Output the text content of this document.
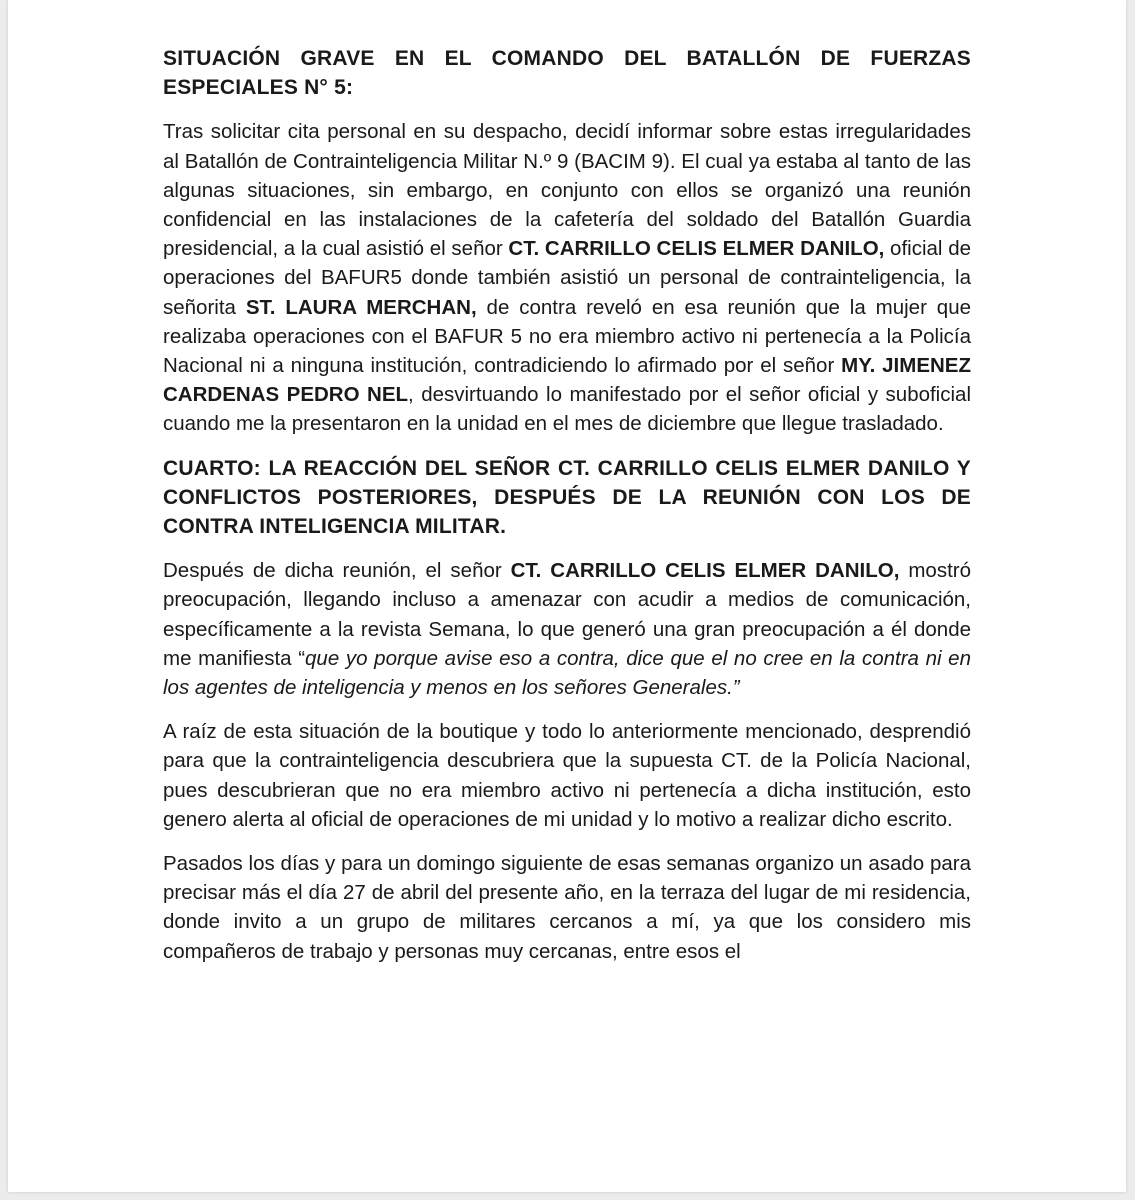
SITUACIÓN GRAVE EN EL COMANDO DEL BATALLÓN DE FUERZAS ESPECIALES N° 5:

Tras solicitar cita personal en su despacho, decidí informar sobre estas irregularidades al Batallón de Contrainteligencia Militar N.º 9 (BACIM 9). El cual ya estaba al tanto de las algunas situaciones, sin embargo, en conjunto con ellos se organizó una reunión confidencial en las instalaciones de la cafetería del soldado del Batallón Guardia presidencial, a la cual asistió el señor CT. CARRILLO CELIS ELMER DANILO, oficial de operaciones del BAFUR5 donde también asistió un personal de contrainteligencia, la señorita ST. LAURA MERCHAN, de contra reveló en esa reunión que la mujer que realizaba operaciones con el BAFUR 5 no era miembro activo ni pertenecía a la Policía Nacional ni a ninguna institución, contradiciendo lo afirmado por el señor MY. JIMENEZ CARDENAS PEDRO NEL, desvirtuando lo manifestado por el señor oficial y suboficial cuando me la presentaron en la unidad en el mes de diciembre que llegue trasladado.

CUARTO: LA REACCIÓN DEL SEÑOR CT. CARRILLO CELIS ELMER DANILO Y CONFLICTOS POSTERIORES, DESPUÉS DE LA REUNIÓN CON LOS DE CONTRA INTELIGENCIA MILITAR.

Después de dicha reunión, el señor CT. CARRILLO CELIS ELMER DANILO, mostró preocupación, llegando incluso a amenazar con acudir a medios de comunicación, específicamente a la revista Semana, lo que generó una gran preocupación a él donde me manifiesta “que yo porque avise eso a contra, dice que el no cree en la contra ni en los agentes de inteligencia y menos en los señores Generales.”

A raíz de esta situación de la boutique y todo lo anteriormente mencionado, desprendió para que la contrainteligencia descubriera que la supuesta CT. de la Policía Nacional, pues descubrieran que no era miembro activo ni pertenecía a dicha institución, esto genero alerta al oficial de operaciones de mi unidad y lo motivo a realizar dicho escrito.

Pasados los días y para un domingo siguiente de esas semanas organizo un asado para precisar más el día 27 de abril del presente año, en la terraza del lugar de mi residencia, donde invito a un grupo de militares cercanos a mí, ya que los considero mis compañeros de trabajo y personas muy cercanas, entre esos el
